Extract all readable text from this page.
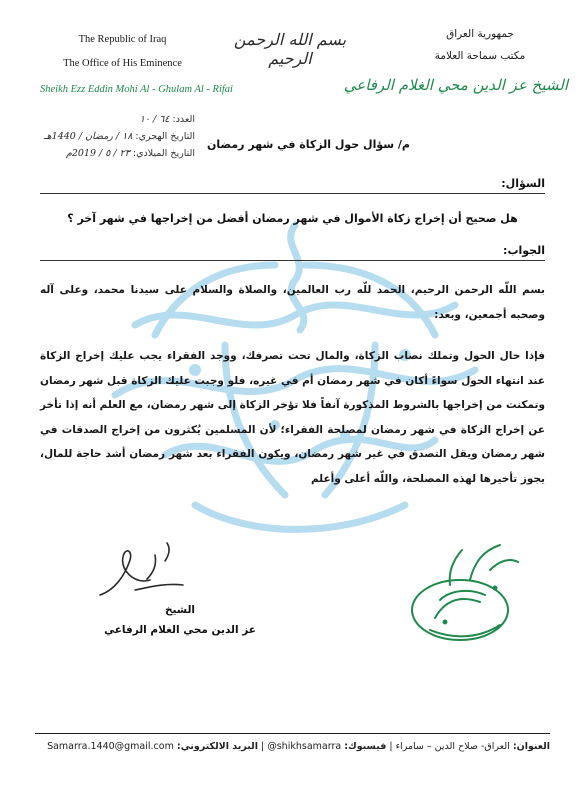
The Republic of Iraq
The Office of His Eminence
Sheikh Ezz Eddin Mohi Al - Ghulam Al - Rifai
بسم الله الرحمن الرحيم
جمهورية العراق
مكتب سماحة العلامة
الشيخ عز الدين محي الغلام الرفاعي
العدد: ٦٤ / ١٠
التاريخ الهجري: ١٨ / رمضان / 1440هـ
التاريخ الميلادي: ٢٣ / ٥ / 2019م
م/ سؤال حول الزكاة في شهر رمضان
السؤال:
هل صحيح أن إخراج زكاة الأموال في شهر رمضان أفضل من إخراجها في شهر آخر ؟
الجواب:
بسم اللّه الرحمن الرحيم، الحمد للّه رب العالمين، والصلاة والسلام على سيدنا محمد، وعلى آله وصحبه أجمعين، وبعد:
فإذا حال الحول وتملك نصاب الزكاة، والمال تحت تصرفك، ووجد الفقراء يجب عليك إخراج الزكاة عند انتهاء الحول سواءً أكان في شهر رمضان أم في غيره، فلو وجبت عليك الزكاة قبل شهر رمضان وتمكنت من إخراجها بالشروط المذكورة آنفاً فلا تؤخر الزكاة إلى شهر رمضان، مع العلم أنه إذا تأخر عن إخراج الزكاة في شهر رمضان لمصلحة الفقراء؛ لأن المسلمين يُكثرون من إخراج الصدقات في شهر رمضان ويقل التصدق في غير شهر رمضان، ويكون الفقراء بعد شهر رمضان أشد حاجة للمال، يجوز تأخيرها لهذه المصلحة، واللّه أعلى وأعلم
الشيخ
عز الدين محي الغلام الرفاعي
العنوان: العراق- صلاح الدين – سامراء | فيسبوك: @shikhsamarra | البريد الالكتروني: Samarra.1440@gmail.com
